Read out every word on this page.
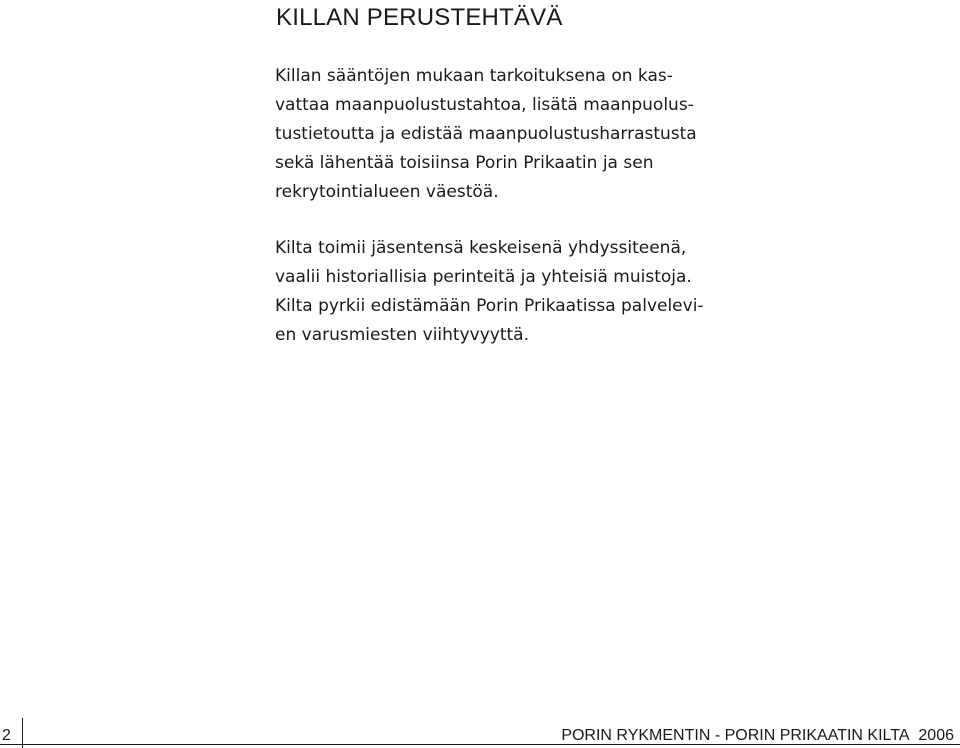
KILLAN PERUSTEHTÄVÄ

Killan sääntöjen mukaan tarkoituksena on kas-
vattaa maanpuolustustahtoa, lisätä maanpuolus-
tustietoutta ja edistää maanpuolustusharrastusta
sekä lähentää toisiinsa Porin Prikaatin ja sen
rekrytointialueen väestöä.

Kilta toimii jäsentensä keskeisenä yhdyssiteenä,
vaalii historiallisia perinteitä ja yhteisiä muistoja.
Kilta pyrkii edistämään Porin Prikaatissa palvelevi-
en varusmiesten viihtyvyyttä.

2	PORIN RYKMENTIN - PORIN PRIKAATIN KILTA 2006
